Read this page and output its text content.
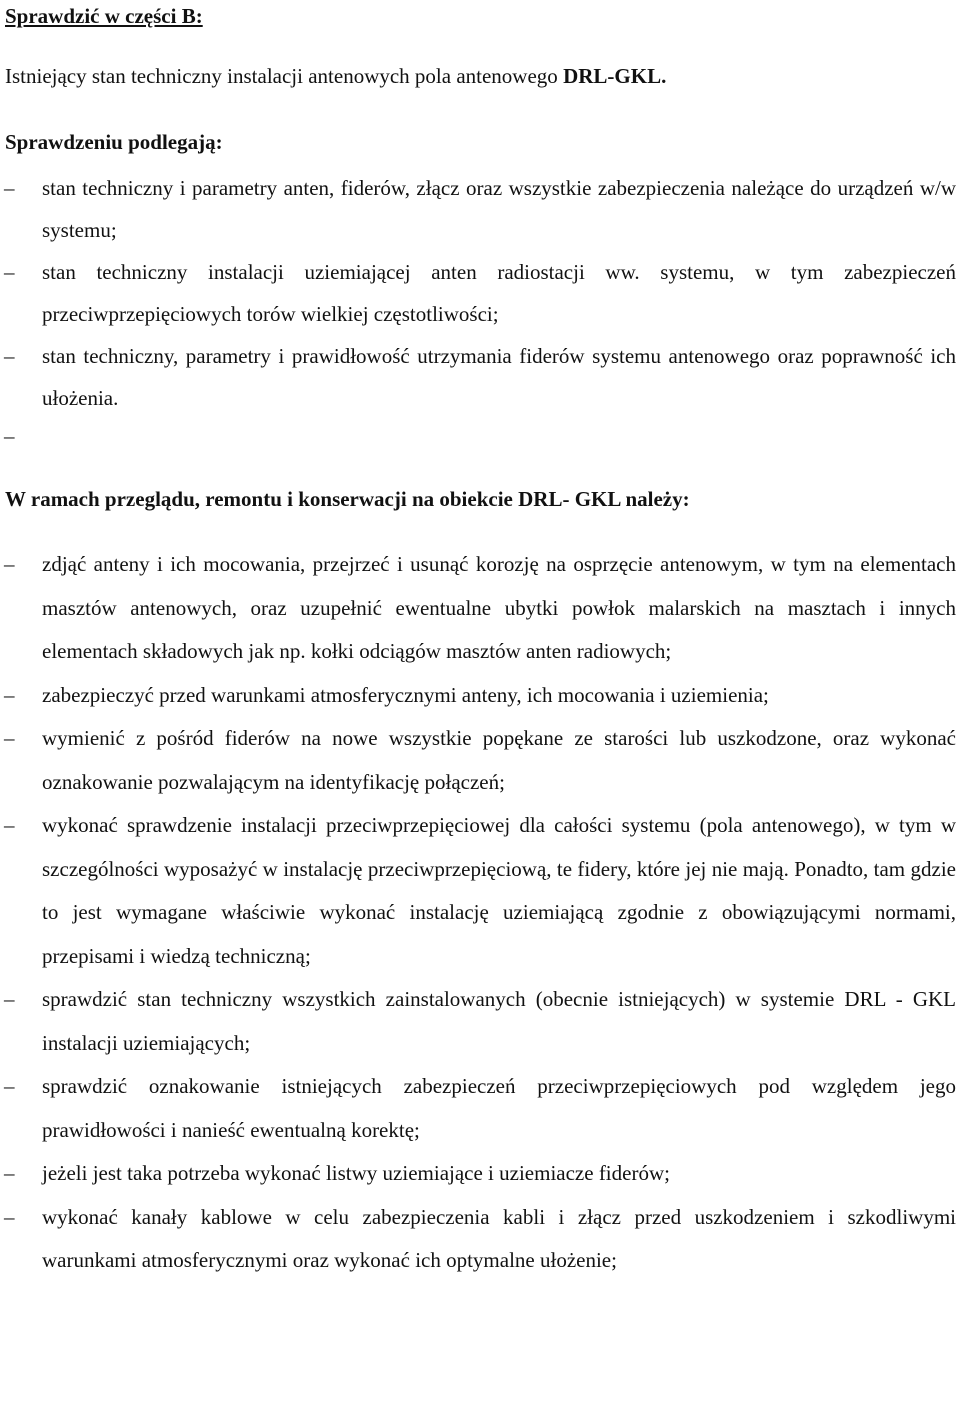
Sprawdzić w części B:

Istniejący stan techniczny instalacji antenowych pola antenowego DRL-GKL.

Sprawdzeniu podlegają:

–	stan techniczny i parametry anten, fiderów, złącz oraz wszystkie zabezpieczenia należące do urządzeń w/w systemu;
–	stan techniczny instalacji uziemiającej anten radiostacji ww. systemu, w tym zabezpieczeń przeciwprzepięciowych torów wielkiej częstotliwości;
–	stan techniczny, parametry i prawidłowość utrzymania fiderów systemu antenowego oraz poprawność ich ułożenia.
–

W ramach przeglądu, remontu i konserwacji na obiekcie DRL- GKL należy:

–	zdjąć anteny i ich mocowania, przejrzeć i usunąć korozję na osprzęcie antenowym, w tym na elementach masztów antenowych, oraz uzupełnić ewentualne ubytki powłok malarskich na masztach i innych elementach składowych jak np. kołki odciągów masztów anten radiowych;
–	zabezpieczyć przed warunkami atmosferycznymi anteny, ich mocowania i uziemienia;
–	wymienić z pośród fiderów na nowe wszystkie popękane ze starości lub uszkodzone, oraz wykonać oznakowanie pozwalającym na identyfikację połączeń;
–	wykonać sprawdzenie instalacji przeciwprzepięciowej dla całości systemu (pola antenowego), w tym w szczególności wyposażyć w instalację przeciwprzepięciową, te fidery, które jej nie mają. Ponadto, tam gdzie to jest wymagane właściwie wykonać instalację uziemiającą zgodnie z obowiązującymi normami, przepisami i wiedzą techniczną;
–	sprawdzić stan techniczny wszystkich zainstalowanych (obecnie istniejących) w systemie DRL - GKL instalacji uziemiających;
–	sprawdzić oznakowanie istniejących zabezpieczeń przeciwprzepięciowych pod względem jego prawidłowości i nanieść ewentualną korektę;
–	jeżeli jest taka potrzeba wykonać listwy uziemiające i uziemiacze fiderów;
–	wykonać kanały kablowe w celu zabezpieczenia kabli i złącz przed uszkodzeniem i szkodliwymi warunkami atmosferycznymi oraz wykonać ich optymalne ułożenie;
